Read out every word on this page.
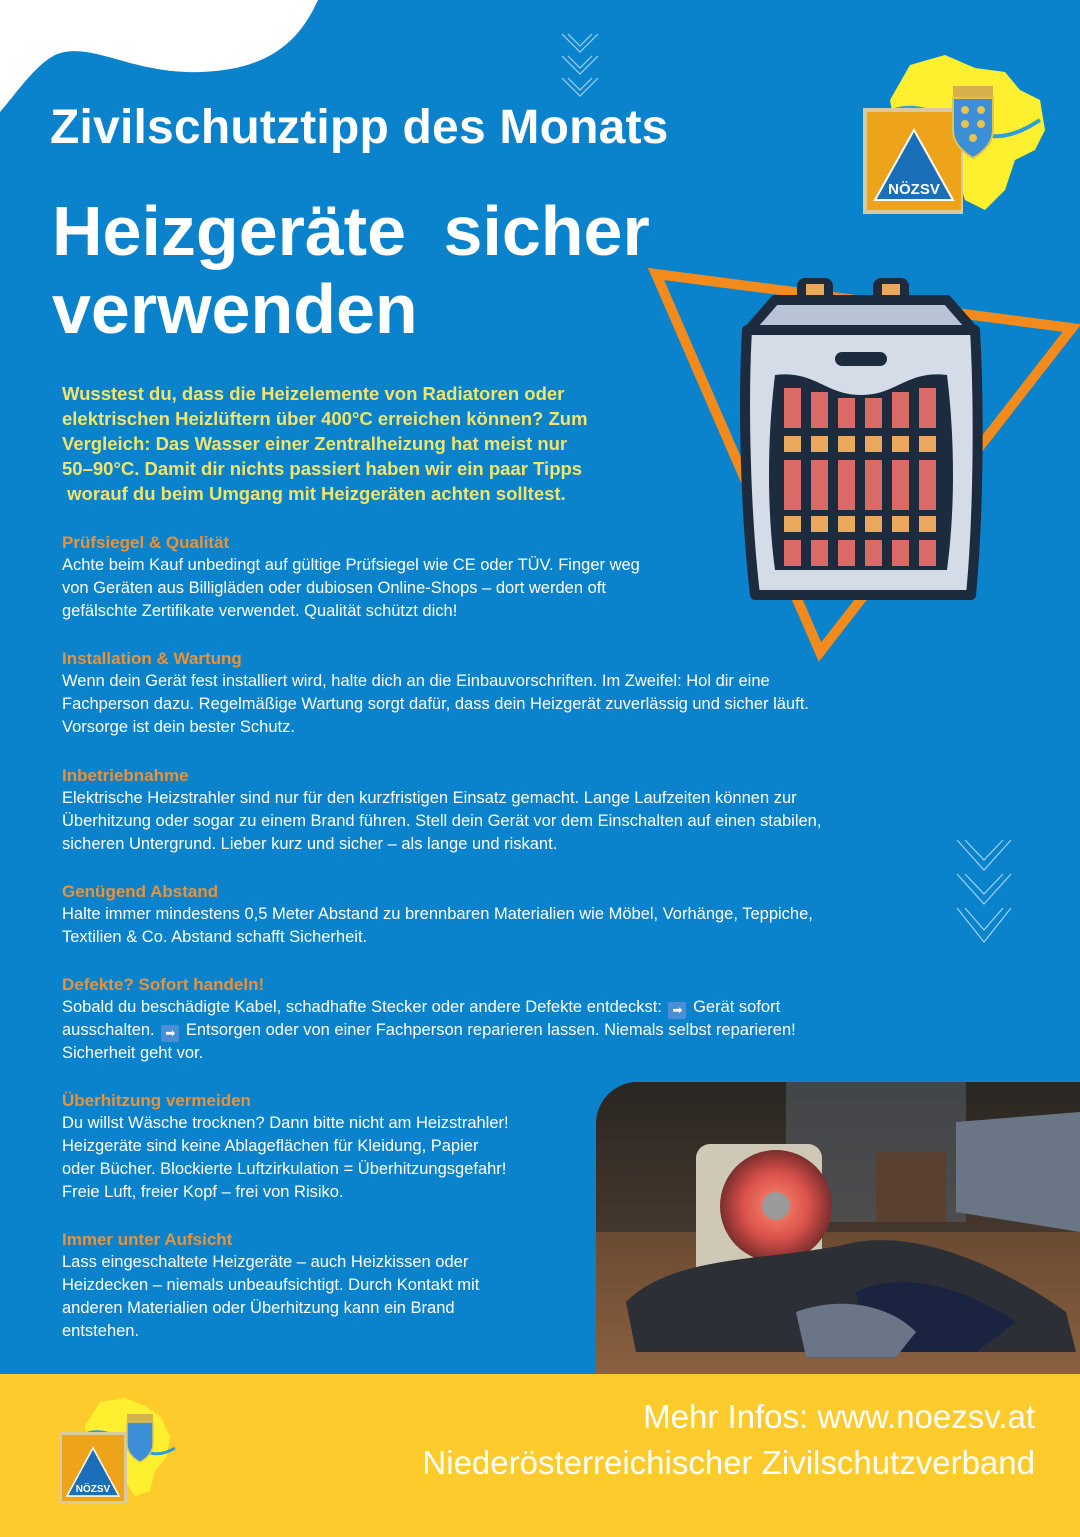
Zivilschutztipp des Monats
Heizgeräte sicher
verwenden
NÖZSV
Wusstest du, dass die Heizelemente von Radiatoren oder
elektrischen Heizlüftern über 400°C erreichen können? Zum
Vergleich: Das Wasser einer Zentralheizung hat meist nur
50–90°C. Damit dir nichts passiert haben wir ein paar Tipps
worauf du beim Umgang mit Heizgeräten achten solltest.
Prüfsiegel & Qualität
Achte beim Kauf unbedingt auf gültige Prüfsiegel wie CE oder TÜV. Finger weg
von Geräten aus Billigläden oder dubiosen Online-Shops – dort werden oft
gefälschte Zertifikate verwendet. Qualität schützt dich!
Installation & Wartung
Wenn dein Gerät fest installiert wird, halte dich an die Einbauvorschriften. Im Zweifel: Hol dir eine
Fachperson dazu. Regelmäßige Wartung sorgt dafür, dass dein Heizgerät zuverlässig und sicher läuft.
Vorsorge ist dein bester Schutz.
Inbetriebnahme
Elektrische Heizstrahler sind nur für den kurzfristigen Einsatz gemacht. Lange Laufzeiten können zur
Überhitzung oder sogar zu einem Brand führen. Stell dein Gerät vor dem Einschalten auf einen stabilen,
sicheren Untergrund. Lieber kurz und sicher – als lange und riskant.
Genügend Abstand
Halte immer mindestens 0,5 Meter Abstand zu brennbaren Materialien wie Möbel, Vorhänge, Teppiche,
Textilien & Co. Abstand schafft Sicherheit.
Defekte? Sofort handeln!
Sobald du beschädigte Kabel, schadhafte Stecker oder andere Defekte entdeckst: ➡ Gerät sofort
ausschalten. ➡ Entsorgen oder von einer Fachperson reparieren lassen. Niemals selbst reparieren!
Sicherheit geht vor.
Überhitzung vermeiden
Du willst Wäsche trocknen? Dann bitte nicht am Heizstrahler!
Heizgeräte sind keine Ablageflächen für Kleidung, Papier
oder Bücher. Blockierte Luftzirkulation = Überhitzungsgefahr!
Freie Luft, freier Kopf – frei von Risiko.
Immer unter Aufsicht
Lass eingeschaltete Heizgeräte – auch Heizkissen oder
Heizdecken – niemals unbeaufsichtigt. Durch Kontakt mit
anderen Materialien oder Überhitzung kann ein Brand
entstehen.
NÖZSV
Mehr Infos: www.noezsv.at
Niederösterreichischer Zivilschutzverband
